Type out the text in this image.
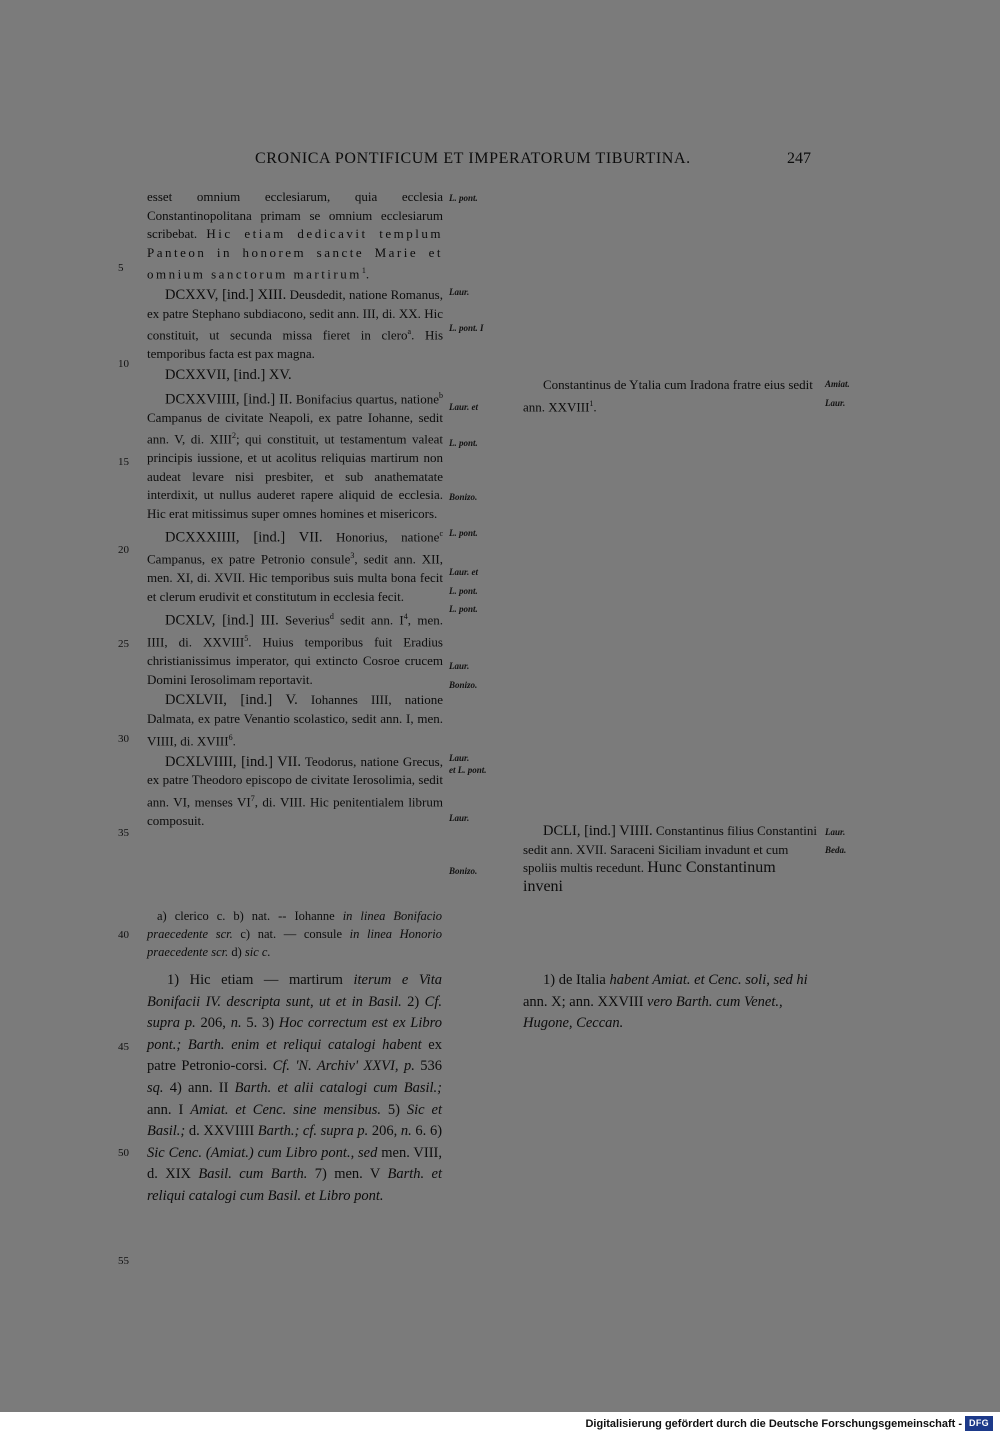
CRONICA PONTIFICUM ET IMPERATORUM TIBURTINA.	247
5
10
15
20
25
30
35
40
45
50
55

esset omnium ecclesiarum, quia ecclesia Constantinopolitana primam se omnium ecclesiarum scribebat. Hic etiam dedicavit templum Panteon in honorem sancte Marie et omnium sanctorum martirum$^1$.

DCXXV, [ind.] XIII. Deusdedit, natione Romanus, ex patre Stephano subdiacono, sedit ann. III, di. XX. Hic constituit, ut secunda missa fieret in clero$^a$. His temporibus facta est pax magna.

DCXXVII, [ind.] XV.

DCXXVIIII, [ind.] II. Bonifacius quartus, natione$^b$ Campanus de civitate Neapoli, ex patre Iohanne, sedit ann. V, di. XIII$^2$; qui constituit, ut testamentum valeat principis iussione, et ut acolitus reliquias martirum non audeat levare nisi presbiter, et sub anathematate interdixit, ut nullus auderet rapere aliquid de ecclesia. Hic erat mitissimus super omnes homines et misericors.

DCXXXIIII, [ind.] VII. Honorius, natione$^c$ Campanus, ex patre Petronio consule$^3$, sedit ann. XII, men. XI, di. XVII. Hic temporibus suis multa bona fecit et clerum erudivit et constitutum in ecclesia fecit.

DCXLV, [ind.] III. Severius$^d$ sedit ann. $I^4$, men. IIII, di. XXVIII$^5$. Huius temporibus fuit Eradius christianissimus imperator, qui extincto Cosroe crucem Domini Ierosolimam reportavit.

DCXLVII, [ind.] V. Iohannes IIII, natione Dalmata, ex patre Venantio scolastico, sedit ann. I, men. VIIII, di. XVIII$^6$.

DCXLVIIII, [ind.] VII. Teodorus, natione Grecus, ex patre Theodoro episcopo de civitate Ierosolimia, sedit ann. VI, menses $VI^7$, di. VIII. Hic penitentialem librum composuit.

L. pont.
Laur.
L. pont. I
Laur. et
L. pont.
Bonizo.
L. pont.
Laur. et
L. pont.
L. pont.
Laur.
Bonizo.
Laur.
et L. pont.
Laur.
Bonizo.
Amiat.
Laur.
Laur.
Beda.

Constantinus de Ytalia cum Iradona fratre eius sedit ann. XXVIII$^1$.

DCLI, [ind.] VIIII. Constantinus filius Constantini sedit ann. XVII. Saraceni Siciliam invadunt et cum spoliis multis recedunt. Hunc Constantinum inveni

a) clerico c. b) nat. -- Iohanne in linea Bonifacio praecedente scr. c) nat. — consule in linea Honorio praecedente scr. d) sic c.

1) Hic etiam — martirum iterum e Vita Bonifacii IV. descripta sunt, ut et in Basil. 2) Cf. supra p. 206, n. 5. 3) Hoc correctum est ex Libro pont.; Barth. enim et reliqui catalogi habent ex patre Petronio-corsi. Cf. 'N. Archiv' XXVI, p. 536 sq. 4) ann. II Barth. et alii catalogi cum Basil.; ann. I Amiat. et Cenc. sine mensibus. 5) Sic et Basil.; d. XXVIIII Barth.; cf. supra p. 206, n. 6. 6) Sic Cenc. (Amiat.) cum Libro pont., sed men. VIII, d. XIX Basil. cum Barth. 7) men. V Barth. et reliqui catalogi cum Basil. et Libro pont.

1) de Italia habent Amiat. et Cenc. soli, sed hi ann. X; ann. XXVIII vero Barth. cum Venet., Hugone, Ceccan.

Digitalisierung gefördert durch die Deutsche Forschungsgemeinschaft - DFG
